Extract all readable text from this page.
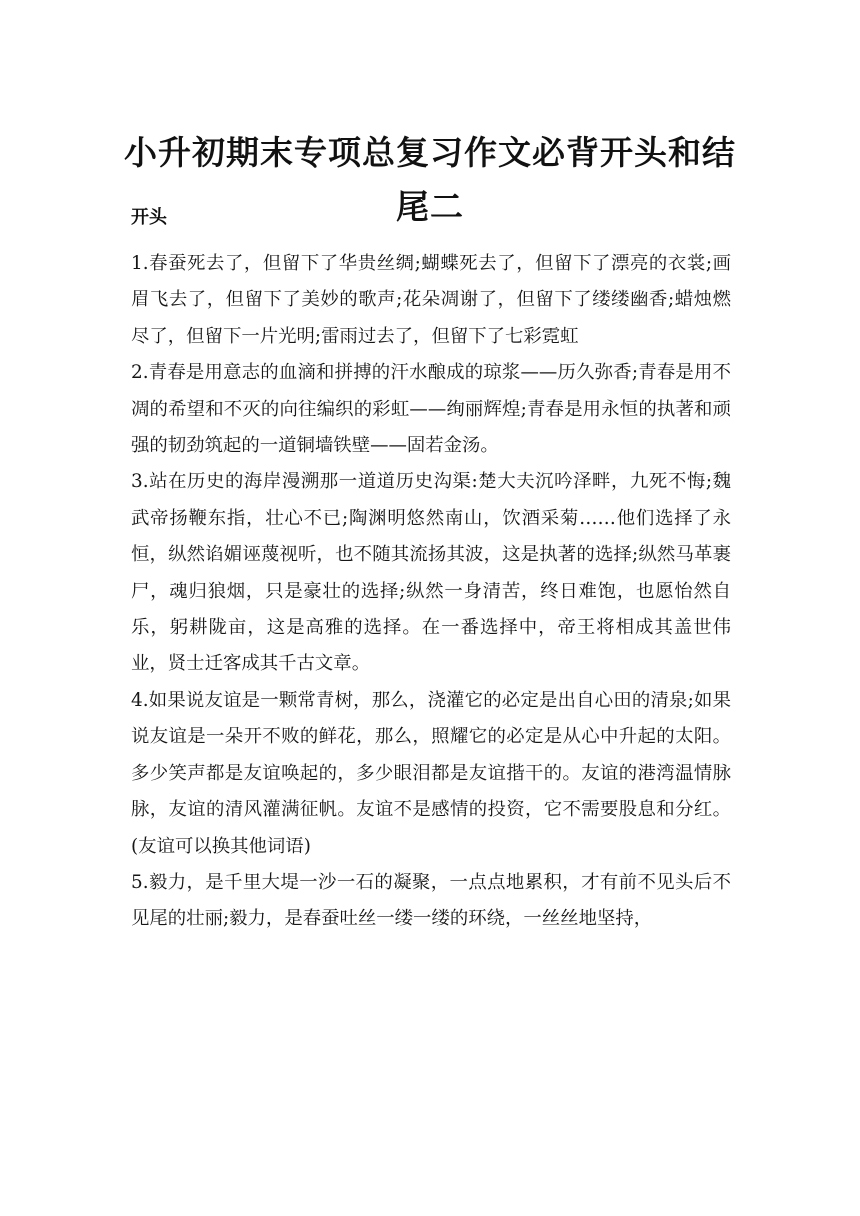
小升初期末专项总复习作文必背开头和结尾二
开头

1.春蚕死去了，但留下了华贵丝绸;蝴蝶死去了，但留下了漂亮的衣裳;画眉飞去了，但留下了美妙的歌声;花朵凋谢了，但留下了缕缕幽香;蜡烛燃尽了，但留下一片光明;雷雨过去了，但留下了七彩霓虹

2.青春是用意志的血滴和拼搏的汗水酿成的琼浆——历久弥香;青春是用不凋的希望和不灭的向往编织的彩虹——绚丽辉煌;青春是用永恒的执著和顽强的韧劲筑起的一道铜墙铁壁——固若金汤。

3.站在历史的海岸漫溯那一道道历史沟渠:楚大夫沉吟泽畔，九死不悔;魏武帝扬鞭东指，壮心不已;陶渊明悠然南山，饮酒采菊……他们选择了永恒，纵然谄媚诬蔑视听，也不随其流扬其波，这是执著的选择;纵然马革裹尸，魂归狼烟，只是豪壮的选择;纵然一身清苦，终日难饱，也愿怡然自乐，躬耕陇亩，这是高雅的选择。在一番选择中，帝王将相成其盖世伟业，贤士迁客成其千古文章。

4.如果说友谊是一颗常青树，那么，浇灌它的必定是出自心田的清泉;如果说友谊是一朵开不败的鲜花，那么，照耀它的必定是从心中升起的太阳。多少笑声都是友谊唤起的，多少眼泪都是友谊揩干的。友谊的港湾温情脉脉，友谊的清风灌满征帆。友谊不是感情的投资，它不需要股息和分红。(友谊可以换其他词语)

5.毅力，是千里大堤一沙一石的凝聚，一点点地累积，才有前不见头后不见尾的壮丽;毅力，是春蚕吐丝一缕一缕的环绕，一丝丝地坚持，
